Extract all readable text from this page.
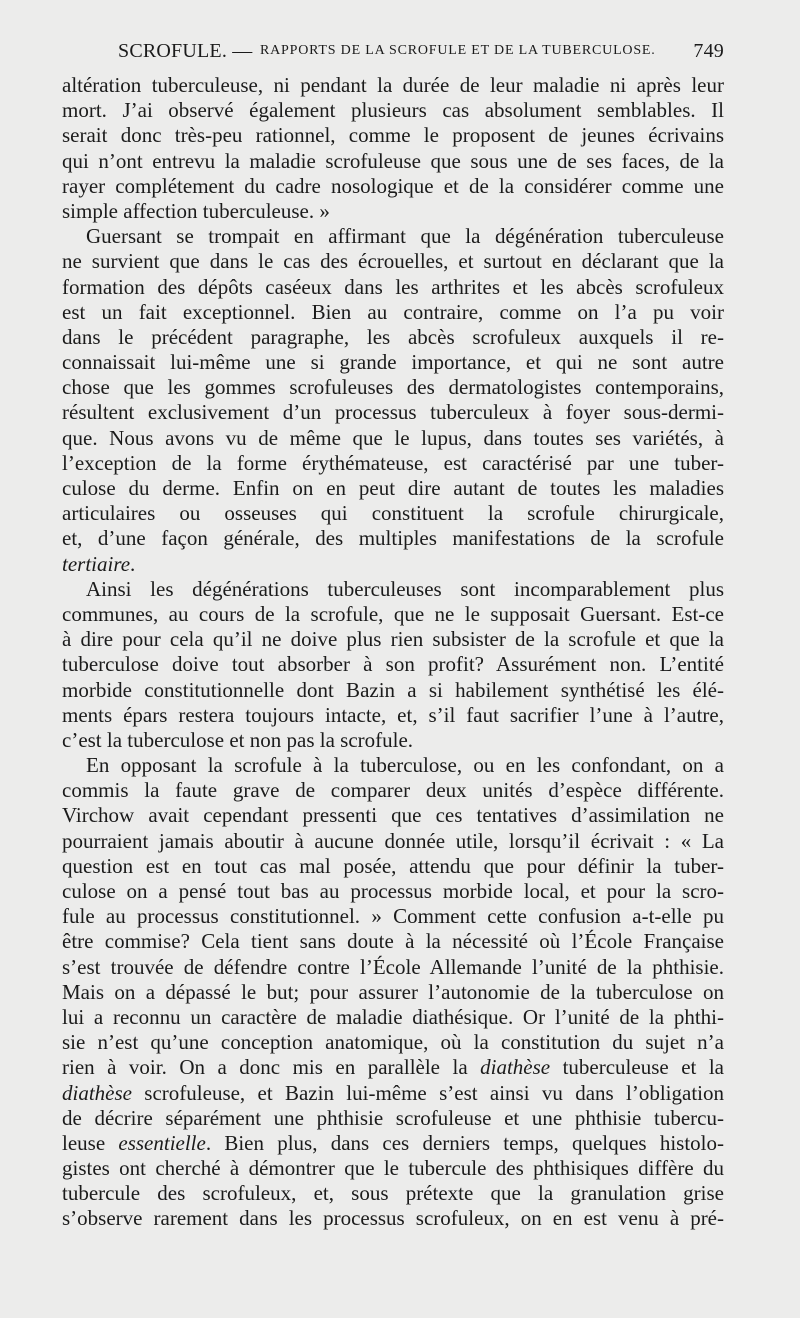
SCROFULE. — RAPPORTS DE LA SCROFULE ET DE LA TUBERCULOSE. 749
altération tuberculeuse, ni pendant la durée de leur maladie ni après leur
mort. J’ai observé également plusieurs cas absolument semblables. Il
serait donc très-peu rationnel, comme le proposent de jeunes écrivains
qui n’ont entrevu la maladie scrofuleuse que sous une de ses faces, de la
rayer complétement du cadre nosologique et de la considérer comme une
simple affection tuberculeuse. »
Guersant se trompait en affirmant que la dégénération tuberculeuse
ne survient que dans le cas des écrouelles, et surtout en déclarant que la
formation des dépôts caséeux dans les arthrites et les abcès scrofuleux
est un fait exceptionnel. Bien au contraire, comme on l’a pu voir
dans le précédent paragraphe, les abcès scrofuleux auxquels il re-
connaissait lui-même une si grande importance, et qui ne sont autre
chose que les gommes scrofuleuses des dermatologistes contemporains,
résultent exclusivement d’un processus tuberculeux à foyer sous-dermi-
que. Nous avons vu de même que le lupus, dans toutes ses variétés, à
l’exception de la forme érythémateuse, est caractérisé par une tuber-
culose du derme. Enfin on en peut dire autant de toutes les maladies
articulaires ou osseuses qui constituent la scrofule chirurgicale,
et, d’une façon générale, des multiples manifestations de la scrofule
tertiaire.
Ainsi les dégénérations tuberculeuses sont incomparablement plus
communes, au cours de la scrofule, que ne le supposait Guersant. Est-ce
à dire pour cela qu’il ne doive plus rien subsister de la scrofule et que la
tuberculose doive tout absorber à son profit? Assurément non. L’entité
morbide constitutionnelle dont Bazin a si habilement synthétisé les élé-
ments épars restera toujours intacte, et, s’il faut sacrifier l’une à l’autre,
c’est la tuberculose et non pas la scrofule.
En opposant la scrofule à la tuberculose, ou en les confondant, on a
commis la faute grave de comparer deux unités d’espèce différente.
Virchow avait cependant pressenti que ces tentatives d’assimilation ne
pourraient jamais aboutir à aucune donnée utile, lorsqu’il écrivait : « La
question est en tout cas mal posée, attendu que pour définir la tuber-
culose on a pensé tout bas au processus morbide local, et pour la scro-
fule au processus constitutionnel. » Comment cette confusion a-t-elle pu
être commise? Cela tient sans doute à la nécessité où l’École Française
s’est trouvée de défendre contre l’École Allemande l’unité de la phthisie.
Mais on a dépassé le but; pour assurer l’autonomie de la tuberculose on
lui a reconnu un caractère de maladie diathésique. Or l’unité de la phthi-
sie n’est qu’une conception anatomique, où la constitution du sujet n’a
rien à voir. On a donc mis en parallèle la diathèse tuberculeuse et la
diathèse scrofuleuse, et Bazin lui-même s’est ainsi vu dans l’obligation
de décrire séparément une phthisie scrofuleuse et une phthisie tubercu-
leuse essentielle. Bien plus, dans ces derniers temps, quelques histolo-
gistes ont cherché à démontrer que le tubercule des phthisiques diffère du
tubercule des scrofuleux, et, sous prétexte que la granulation grise
s’observe rarement dans les processus scrofuleux, on en est venu à pré-
